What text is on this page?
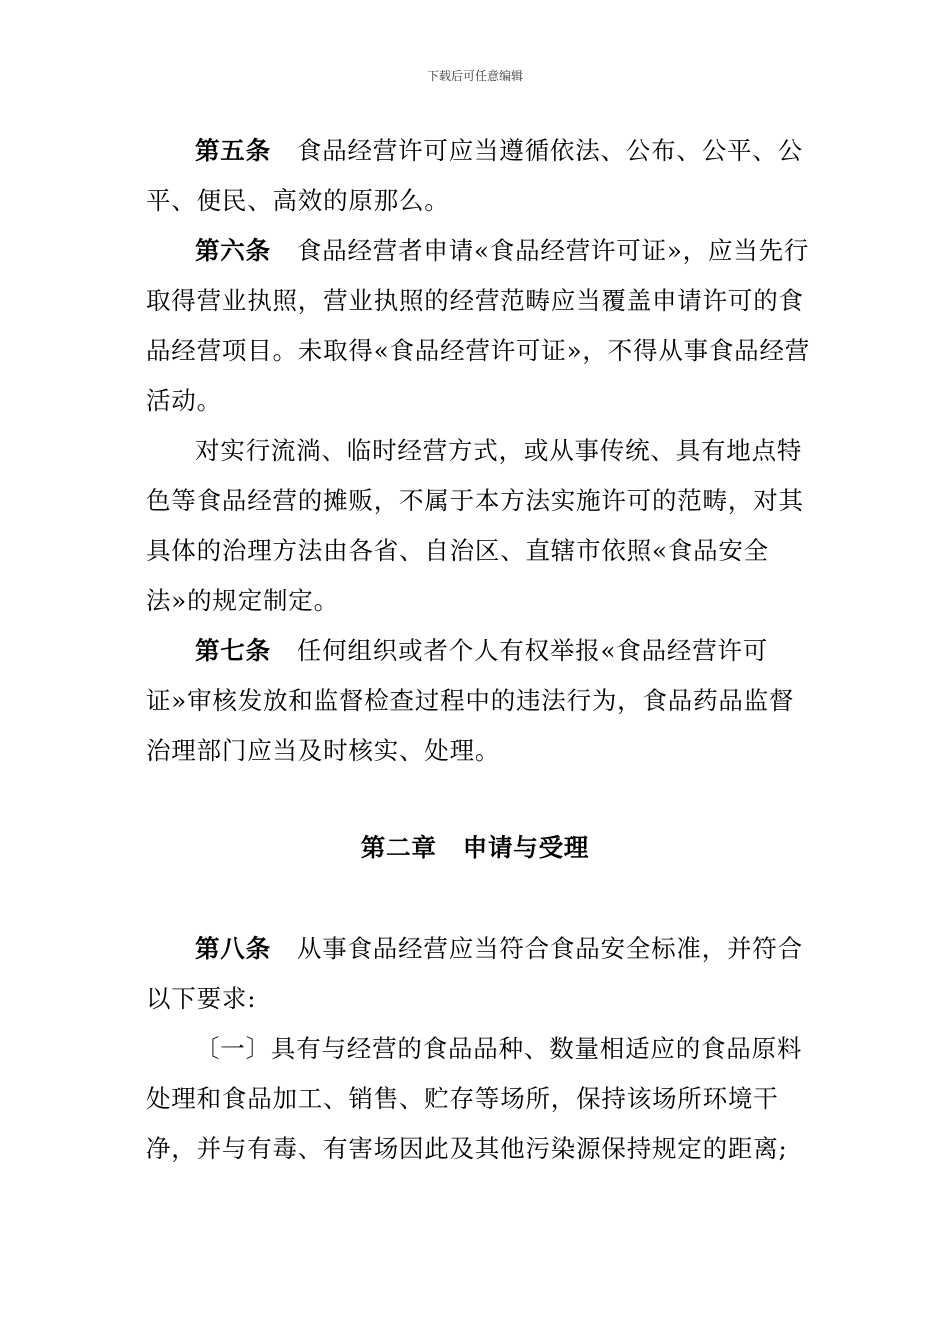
下载后可任意编辑

第五条 食品经营许可应当遵循依法、公布、公平、公平、便民、高效的原那么。

第六条 食品经营者申请«食品经营许可证»，应当先行取得营业执照，营业执照的经营范畴应当覆盖申请许可的食品经营项目。未取得«食品经营许可证»，不得从事食品经营活动。

对实行流淌、临时经营方式，或从事传统、具有地点特色等食品经营的摊贩，不属于本方法实施许可的范畴，对其具体的治理方法由各省、自治区、直辖市依照«食品安全法»的规定制定。

第七条 任何组织或者个人有权举报«食品经营许可证»审核发放和监督检查过程中的违法行为，食品药品监督治理部门应当及时核实、处理。

第二章 申请与受理

第八条 从事食品经营应当符合食品安全标准，并符合以下要求:

〔一〕具有与经营的食品品种、数量相适应的食品原料处理和食品加工、销售、贮存等场所，保持该场所环境干净，并与有毒、有害场因此及其他污染源保持规定的距离;
